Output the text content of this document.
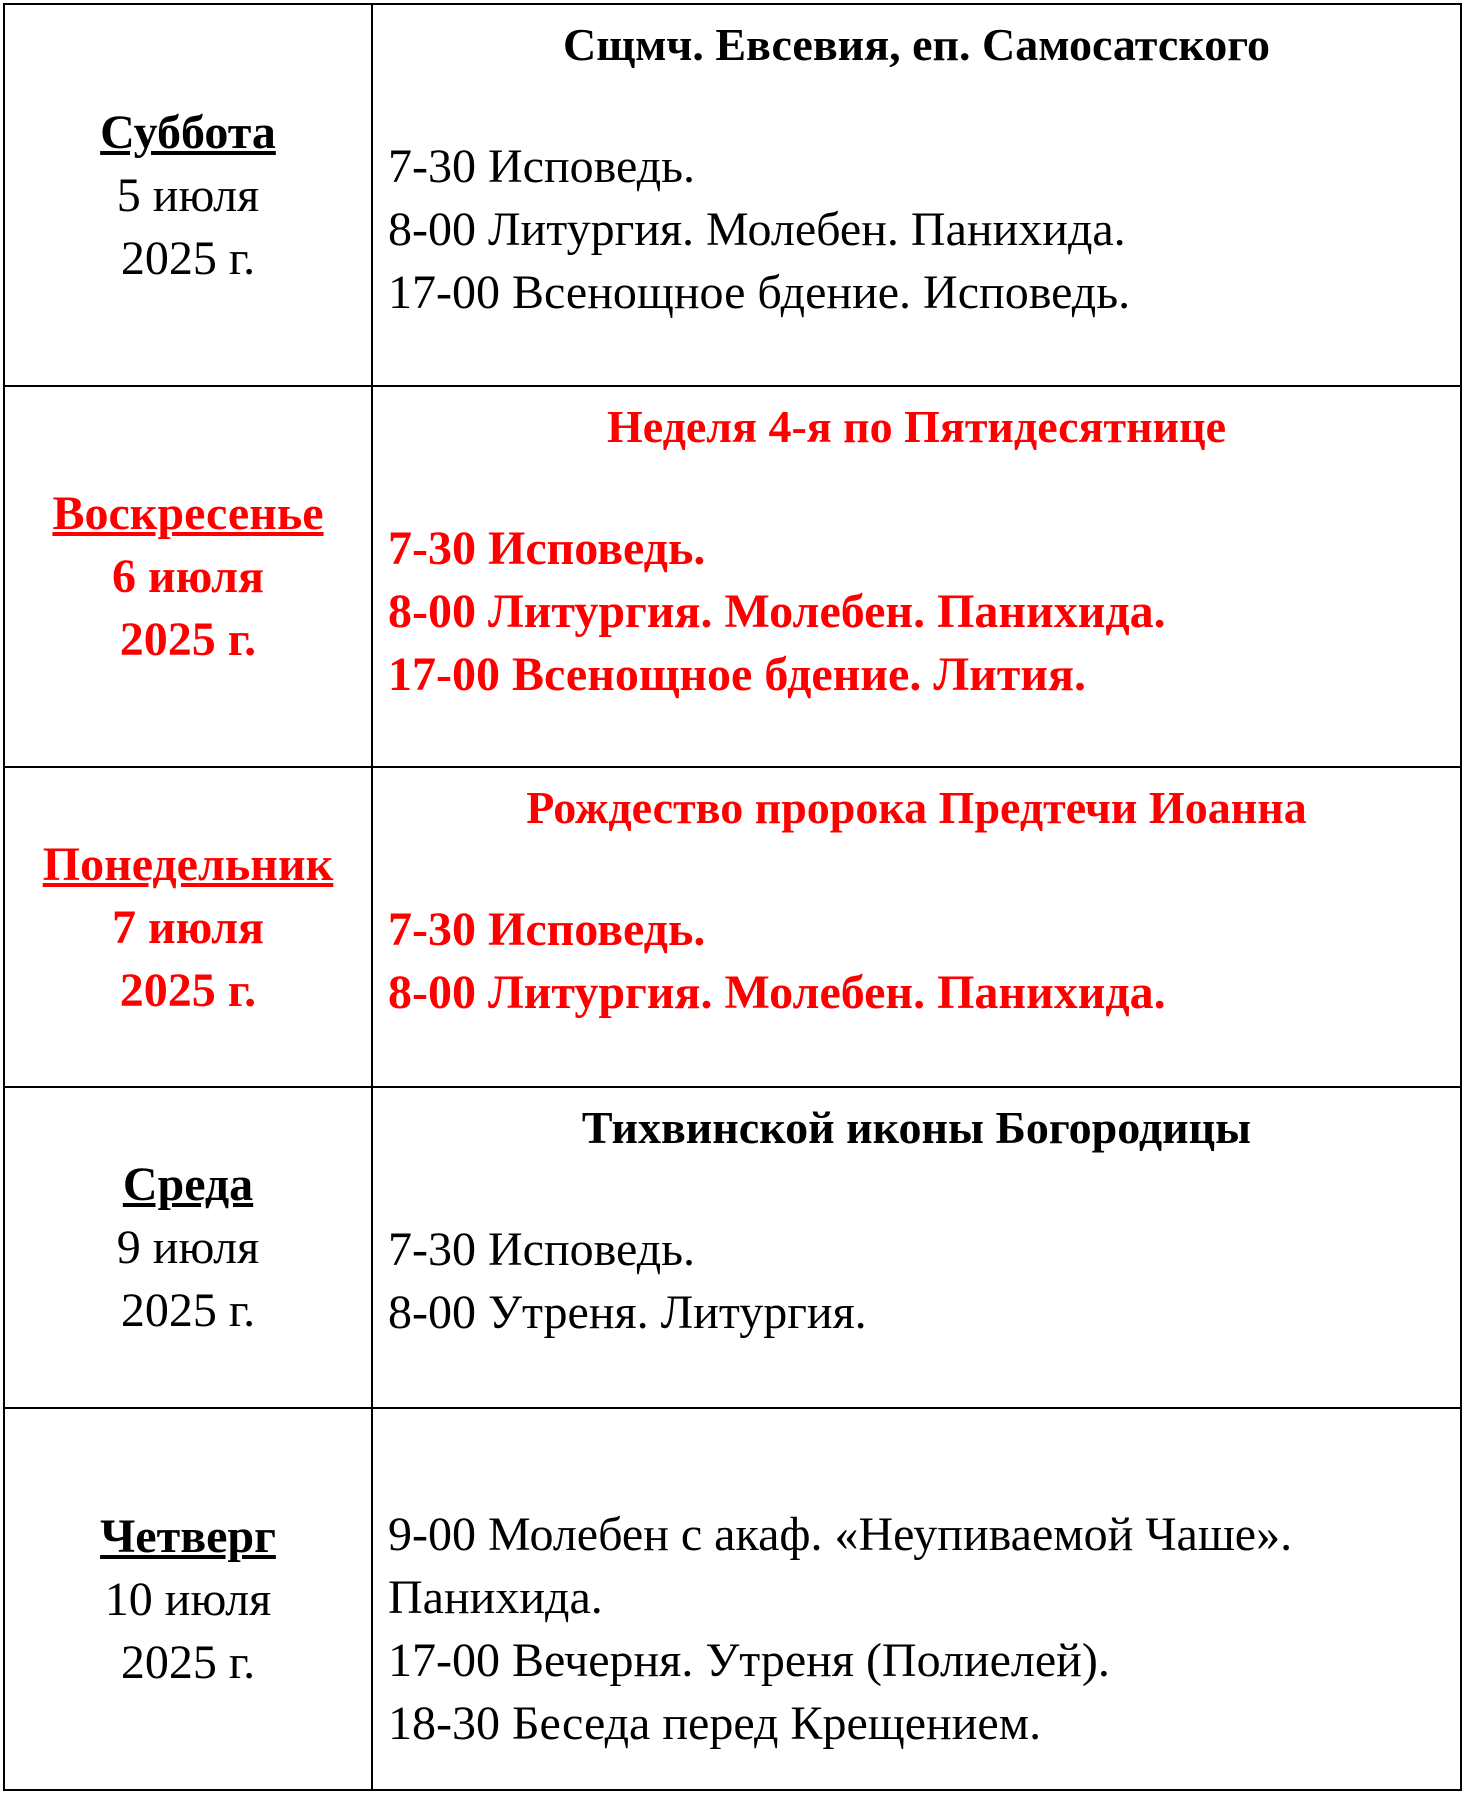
Суббота
5 июля
2025 г.	Сщмч. Евсевия, еп. Самосатского
7-30 Исповедь.
8-00 Литургия. Молебен. Панихида.
17-00 Всенощное бдение. Исповедь.

Воскресенье
6 июля
2025 г.	Неделя 4-я по Пятидесятнице
7-30 Исповедь.
8-00 Литургия. Молебен. Панихида.
17-00 Всенощное бдение. Лития.

Понедельник
7 июля
2025 г.	Рождество пророка Предтечи Иоанна
7-30 Исповедь.
8-00 Литургия. Молебен. Панихида.

Среда
9 июля
2025 г.	Тихвинской иконы Богородицы
7-30 Исповедь.
8-00 Утреня. Литургия.

Четверг
10 июля
2025 г.	9-00 Молебен с акаф. «Неупиваемой Чаше».
Панихида.
17-00 Вечерня. Утреня (Полиелей).
18-30 Беседа перед Крещением.
